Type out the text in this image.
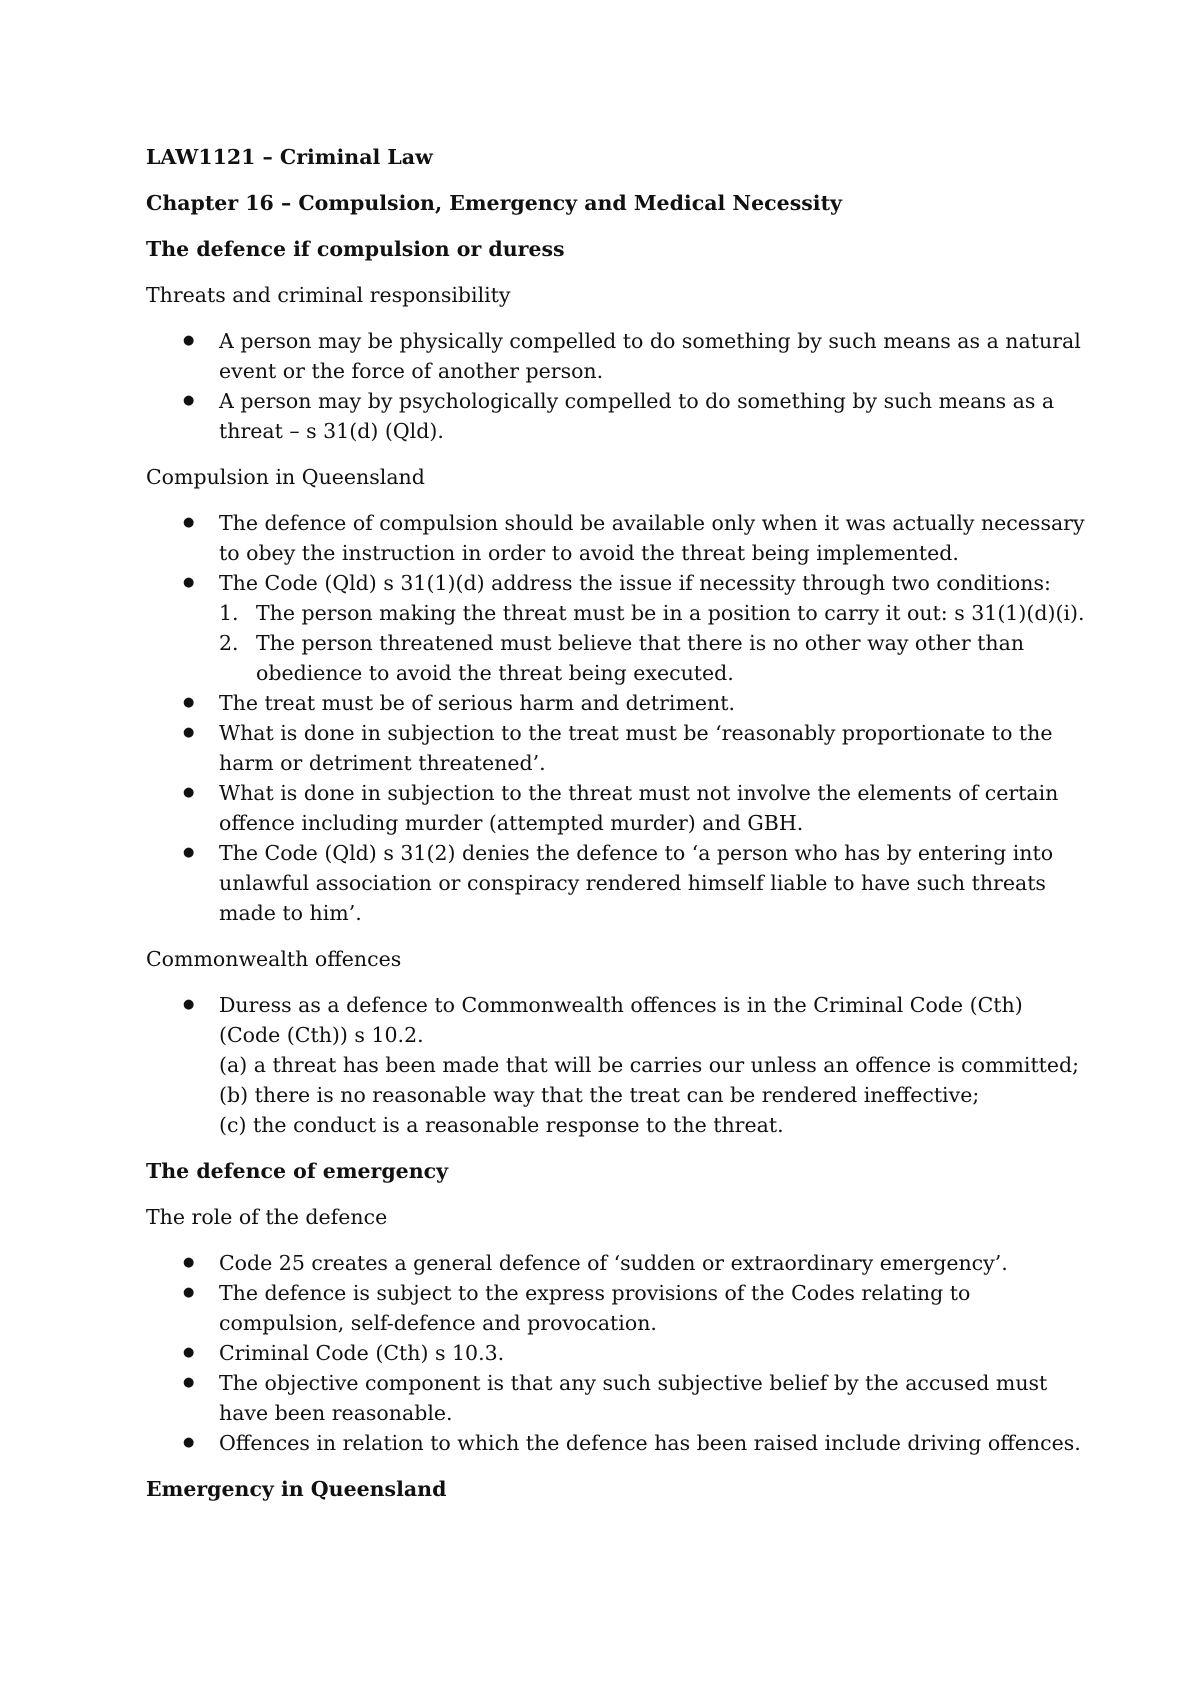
LAW1121 – Criminal Law

Chapter 16 – Compulsion, Emergency and Medical Necessity

The defence if compulsion or duress

Threats and criminal responsibility

● A person may be physically compelled to do something by such means as a natural event or the force of another person.
● A person may by psychologically compelled to do something by such means as a threat – s 31(d) (Qld).

Compulsion in Queensland

● The defence of compulsion should be available only when it was actually necessary to obey the instruction in order to avoid the threat being implemented.
● The Code (Qld) s 31(1)(d) address the issue if necessity through two conditions:
1. The person making the threat must be in a position to carry it out: s 31(1)(d)(i).
2. The person threatened must believe that there is no other way other than obedience to avoid the threat being executed.
● The treat must be of serious harm and detriment.
● What is done in subjection to the treat must be ‘reasonably proportionate to the harm or detriment threatened’.
● What is done in subjection to the threat must not involve the elements of certain offence including murder (attempted murder) and GBH.
● The Code (Qld) s 31(2) denies the defence to ‘a person who has by entering into unlawful association or conspiracy rendered himself liable to have such threats made to him’.

Commonwealth offences

● Duress as a defence to Commonwealth offences is in the Criminal Code (Cth) (Code (Cth)) s 10.2.
(a) a threat has been made that will be carries our unless an offence is committed;
(b) there is no reasonable way that the treat can be rendered ineffective;
(c) the conduct is a reasonable response to the threat.

The defence of emergency

The role of the defence

● Code 25 creates a general defence of ‘sudden or extraordinary emergency’.
● The defence is subject to the express provisions of the Codes relating to compulsion, self-defence and provocation.
● Criminal Code (Cth) s 10.3.
● The objective component is that any such subjective belief by the accused must have been reasonable.
● Offences in relation to which the defence has been raised include driving offences.

Emergency in Queensland
